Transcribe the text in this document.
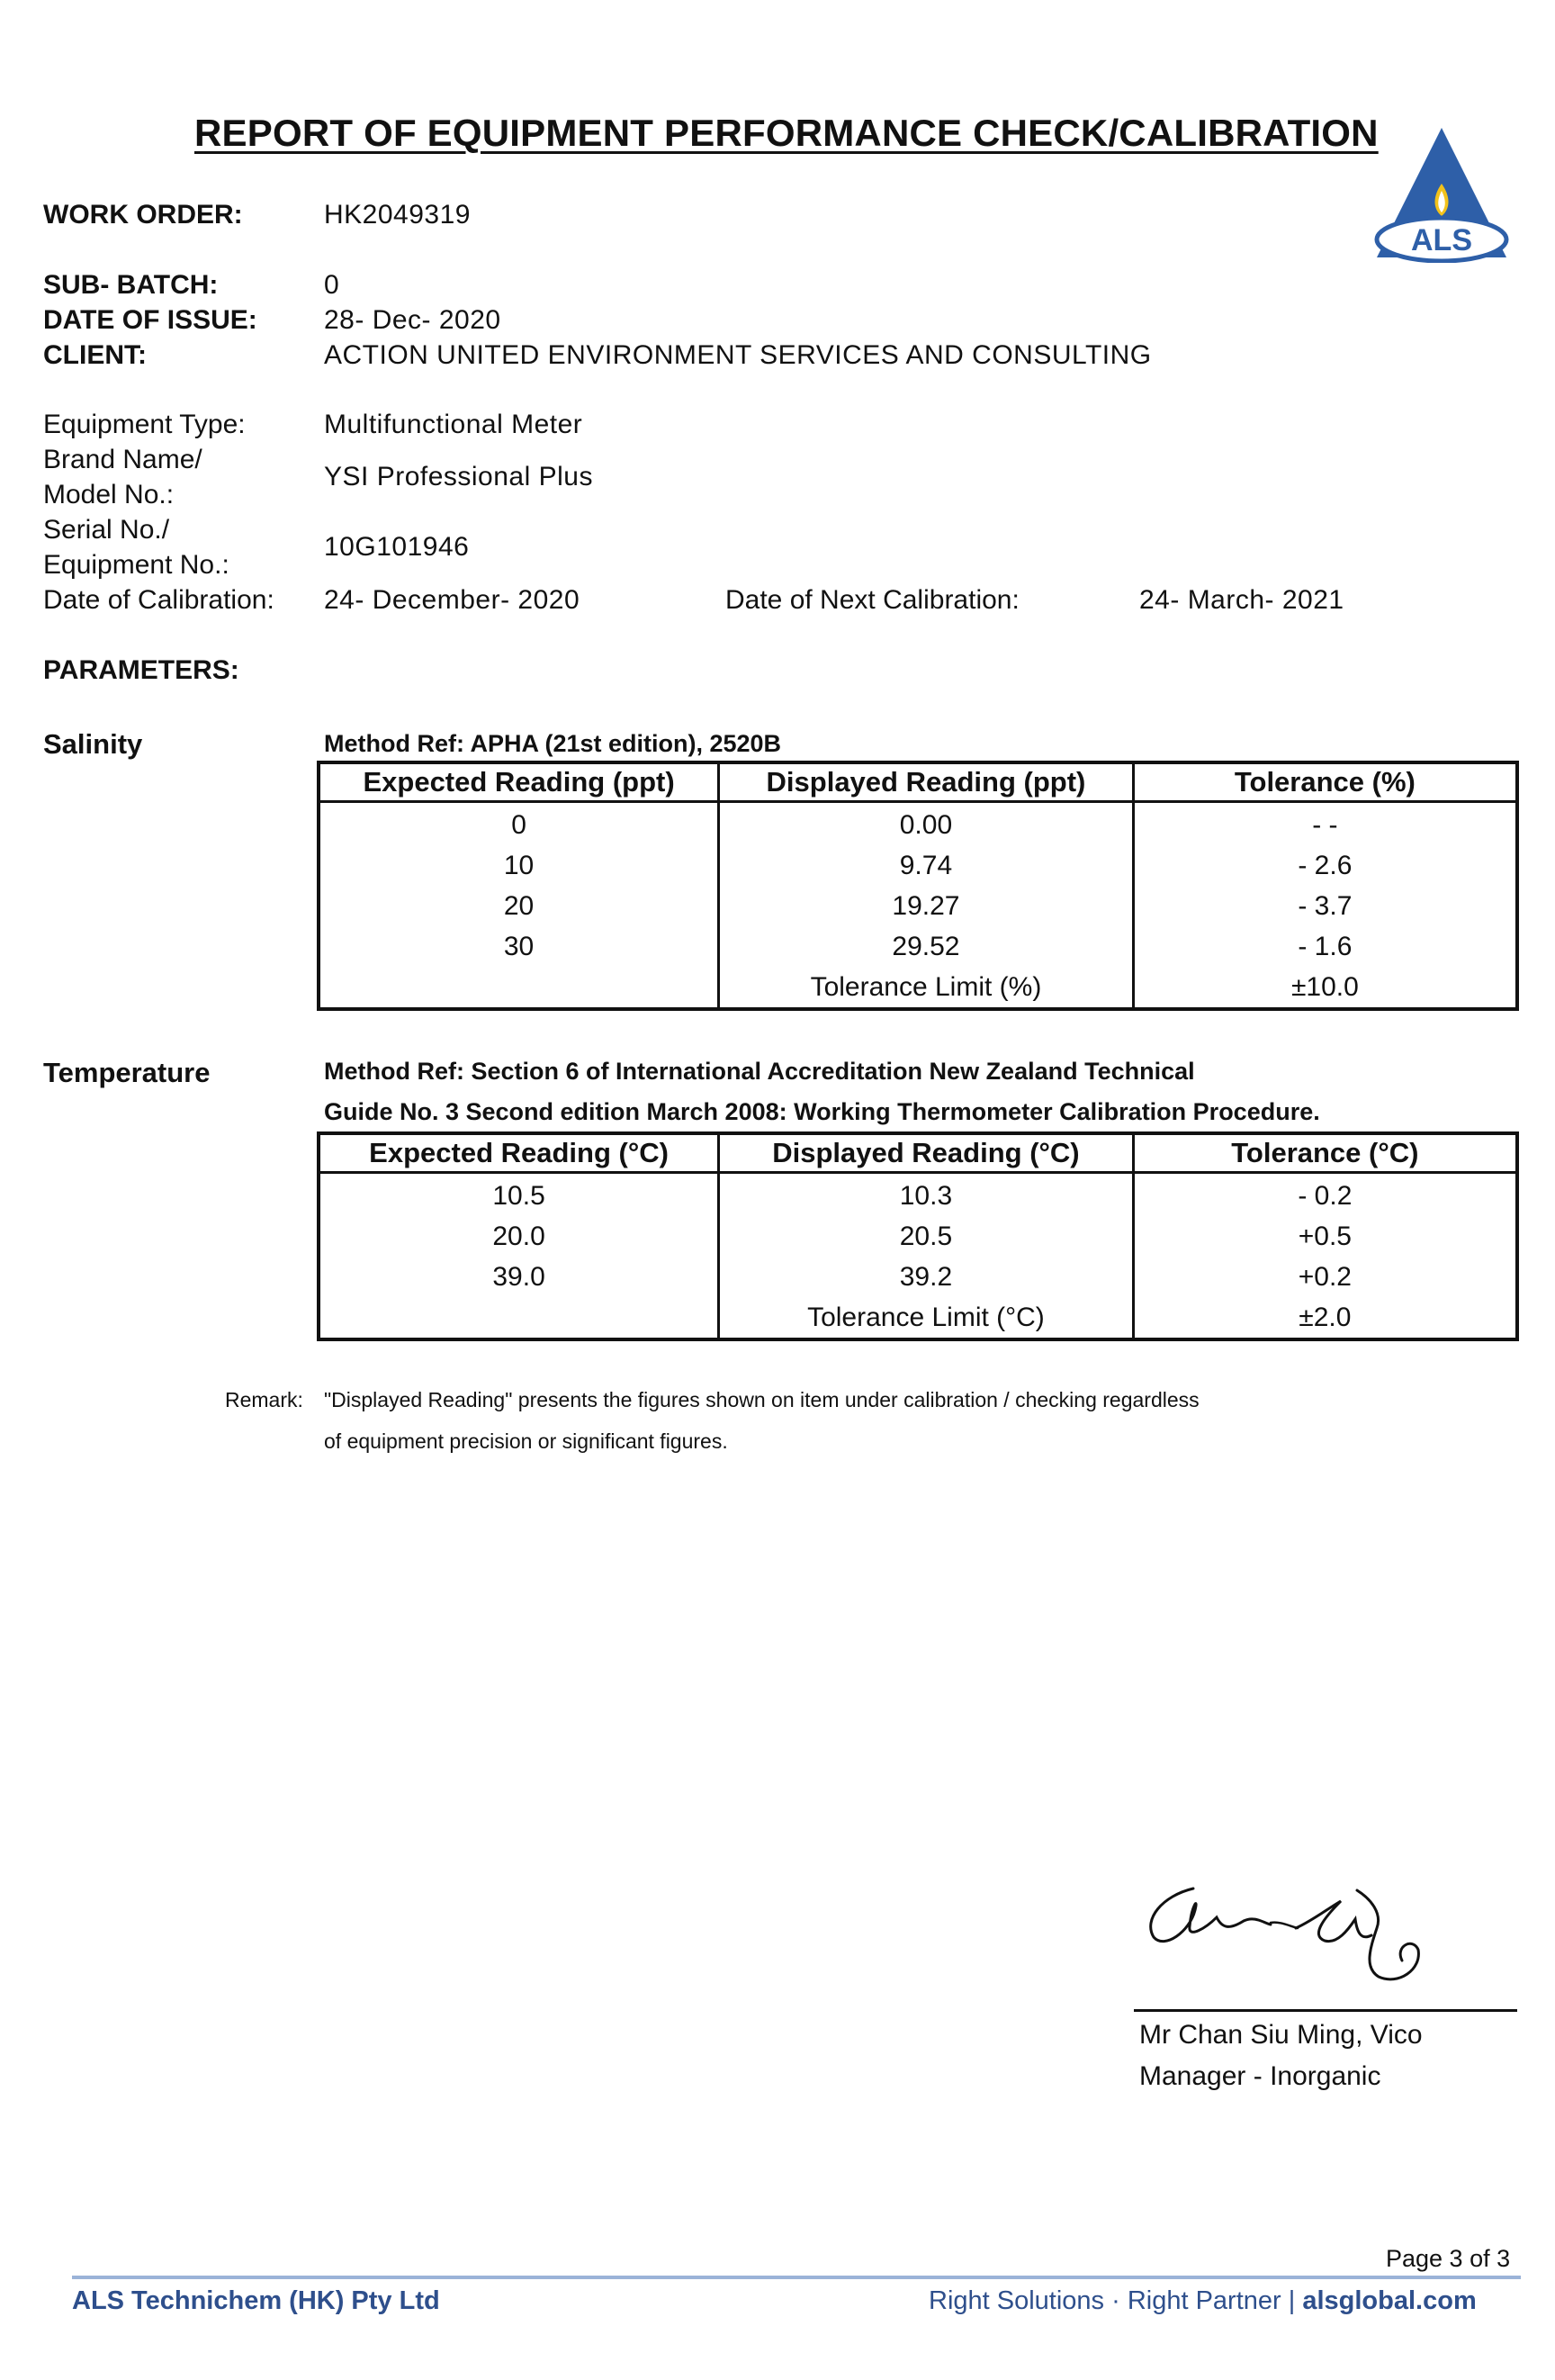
REPORT OF EQUIPMENT PERFORMANCE CHECK/CALIBRATION
ALS
WORK ORDER:	HK2049319
SUB- BATCH:	0
DATE OF ISSUE: 28- Dec- 2020
CLIENT:	ACTION UNITED ENVIRONMENT SERVICES AND CONSULTING
Equipment Type:	Multifunctional Meter
Brand Name/
Model No.:
YSI Professional Plus
Serial No./
Equipment No.:
10G101946
Date of Calibration: 24- December- 2020	Date of Next Calibration:	24- March- 2021
PARAMETERS:
Salinity	Method Ref: APHA (21st edition), 2520B
Expected Reading (ppt)	Displayed Reading (ppt)	Tolerance (%)
0	0.00	- -
10	9.74	- 2.6
20	19.27	- 3.7
30	29.52	- 1.6
	Tolerance Limit (%)	±10.0
Temperature	Method Ref: Section 6 of International Accreditation New Zealand Technical
Guide No. 3 Second edition March 2008: Working Thermometer Calibration Procedure.
Expected Reading (°C)	Displayed Reading (°C)	Tolerance (°C)
10.5	10.3	- 0.2
20.0	20.5	+0.5
39.0	39.2	+0.2
	Tolerance Limit (°C)	±2.0
Remark: "Displayed Reading" presents the figures shown on item under calibration / checking regardless
of equipment precision or significant figures.
Mr Chan Siu Ming, Vico
Manager - Inorganic
Page 3 of 3
ALS Technichem (HK) Pty Ltd	Right Solutions · Right Partner | alsglobal.com
